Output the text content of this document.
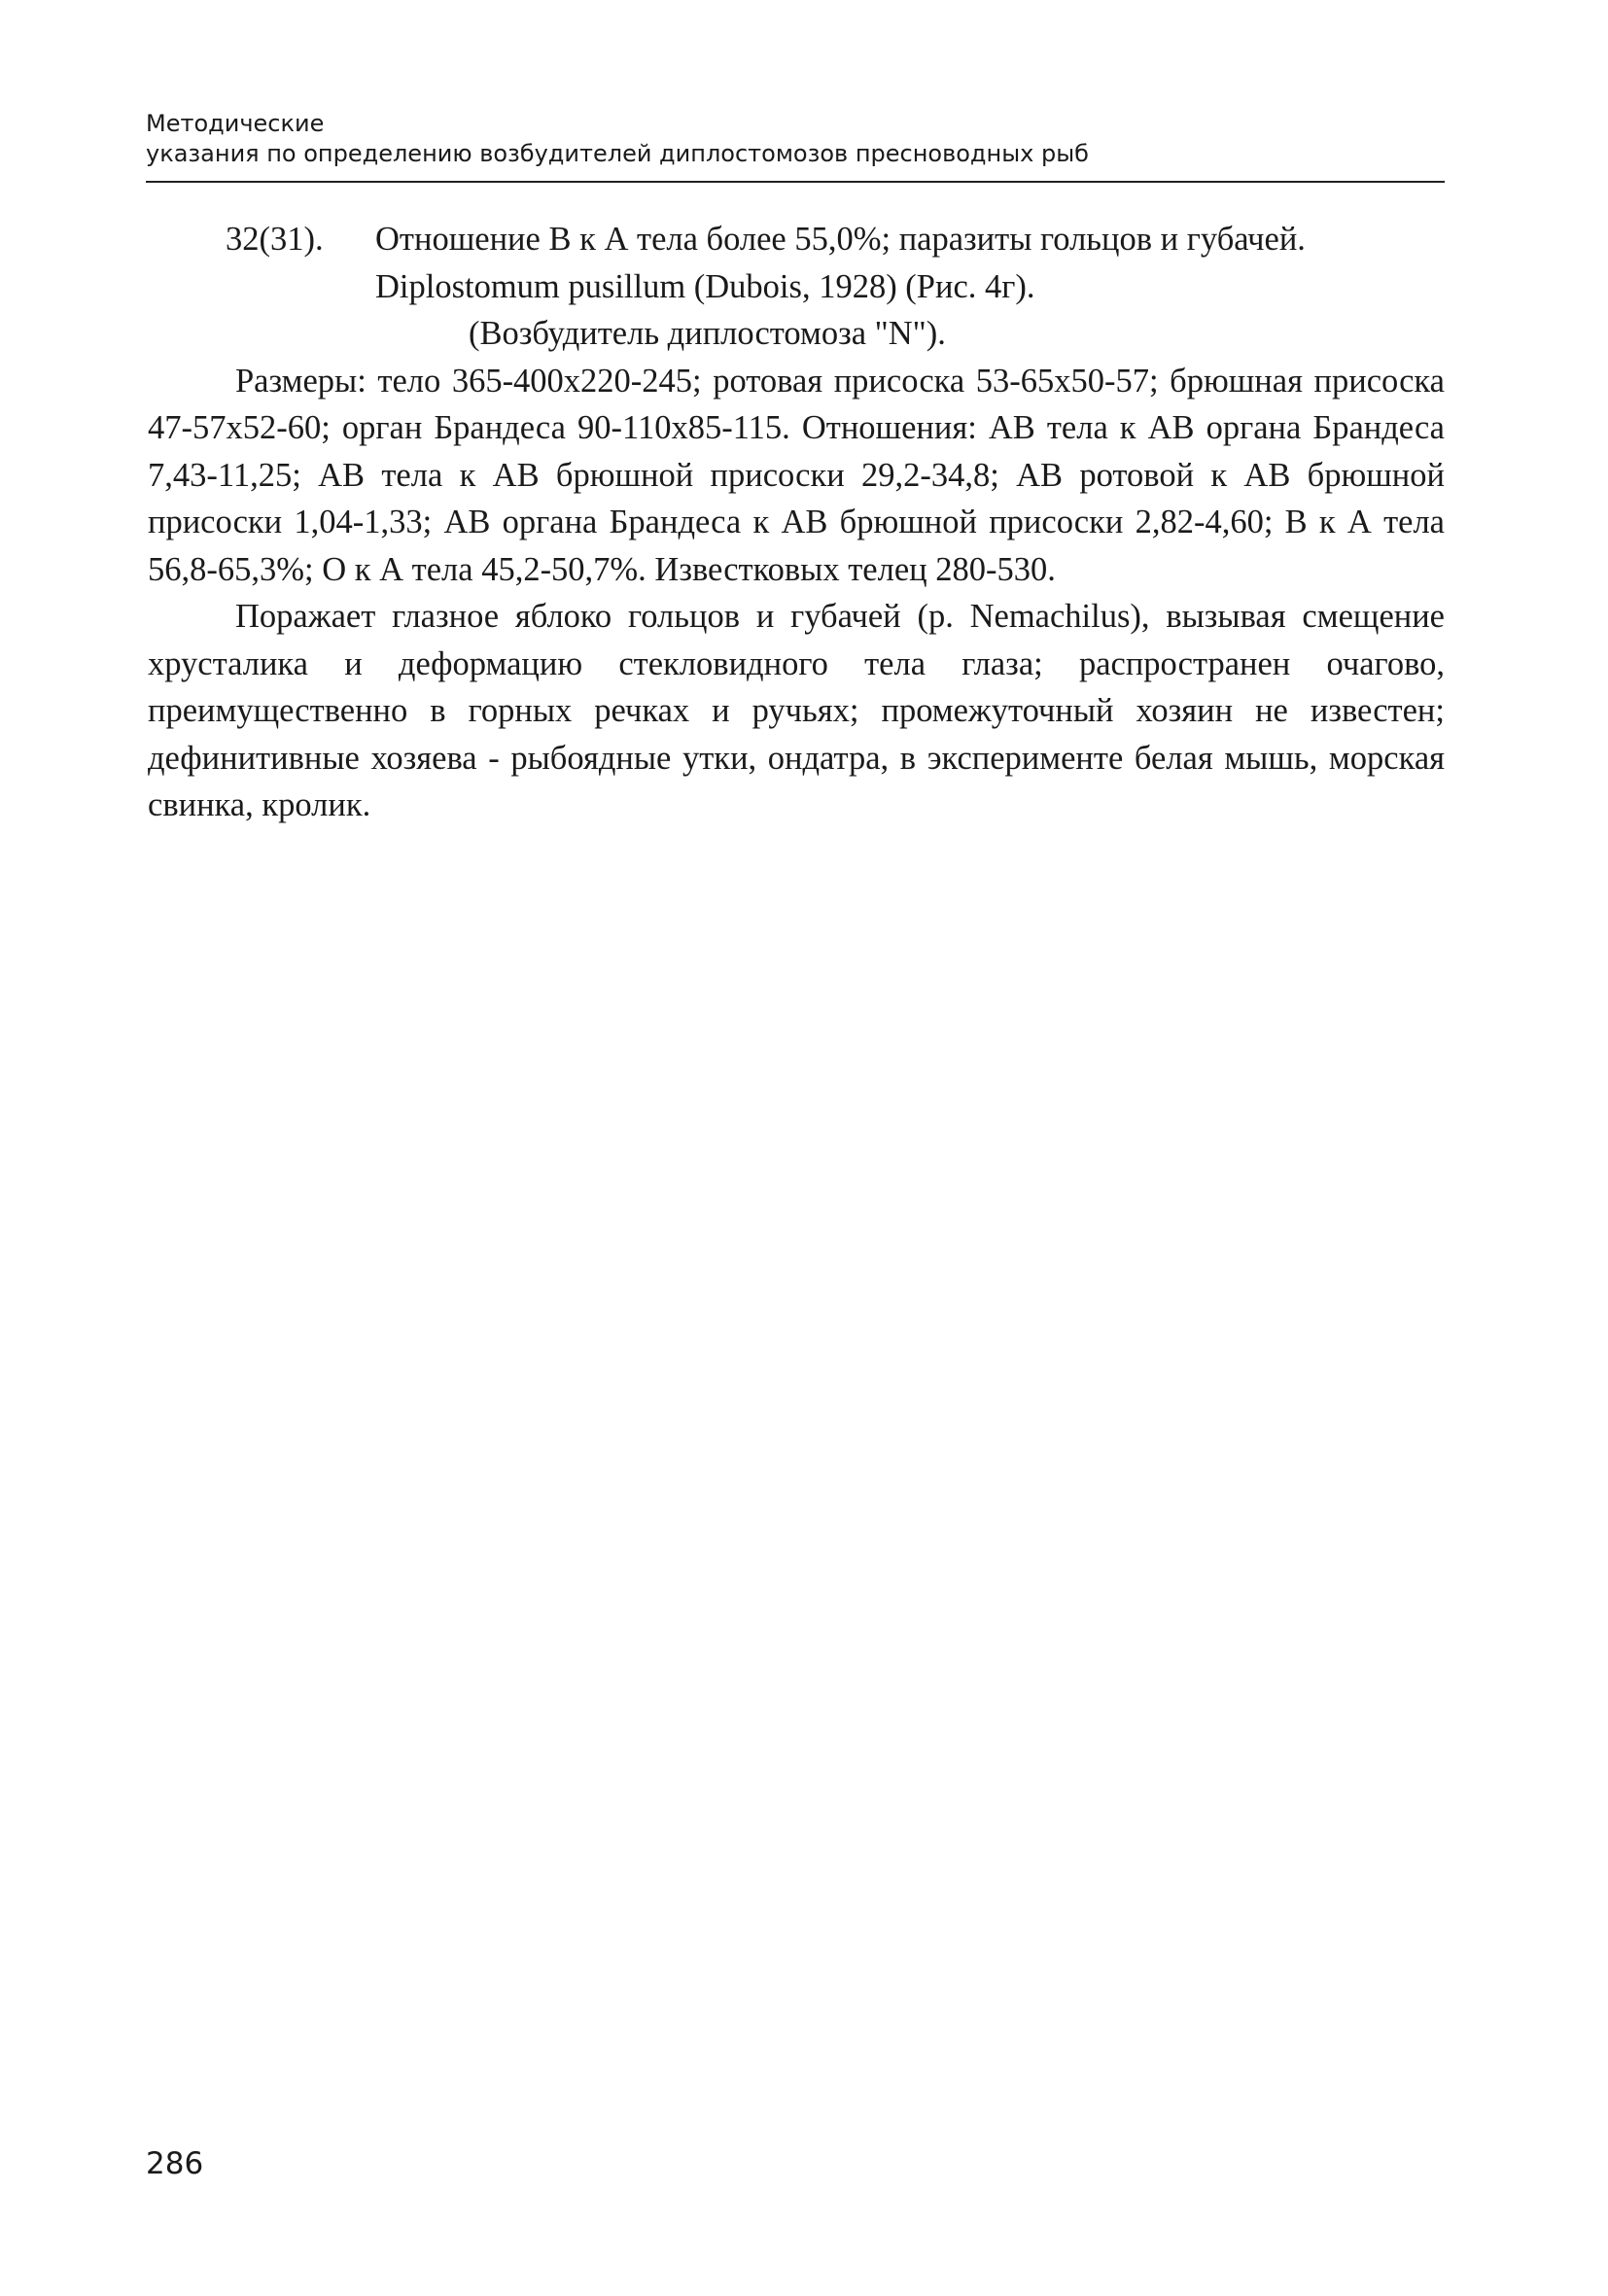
Методические
указания по определению возбудителей диплостомозов пресноводных рыб

32(31). Отношение В к А тела более 55,0%; паразиты гольцов и губачей.

Diplostomum pusillum (Dubois, 1928) (Рис. 4г).

(Возбудитель диплостомоза "N").

Размеры: тело 365-400х220-245; ротовая присоска 53-65х50-57; брюшная присоска 47-57х52-60; орган Брандеса 90-110х85-115. Отношения: АВ тела к АВ органа Брандеса 7,43-11,25; АВ тела к АВ брюшной присоски 29,2-34,8; АВ ротовой к АВ брюшной присоски 1,04-1,33; АВ органа Брандеса к АВ брюшной присоски 2,82-4,60; В к А тела 56,8-65,3%; О к А тела 45,2-50,7%. Известковых телец 280-530.

Поражает глазное яблоко гольцов и губачей (р. Nemachilus), вызывая смещение хрусталика и деформацию стекловидного тела глаза; распространен очагово, преимущественно в горных речках и ручьях; промежуточный хозяин не известен; дефинитивные хозяева - рыбоядные утки, ондатра, в эксперименте белая мышь, морская свинка, кролик.

286
